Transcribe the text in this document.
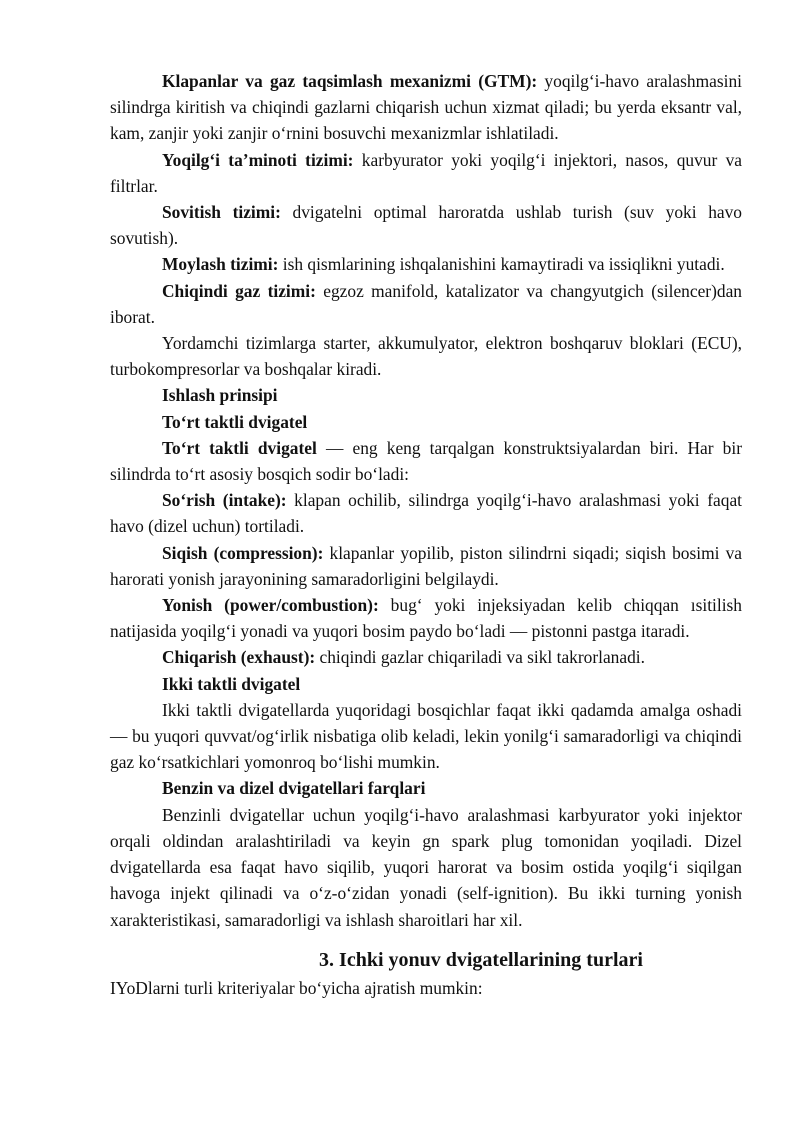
Klapanlar va gaz taqsimlash mexanizmi (GTM): yoqilg‘i-havo aralashmasini silindrga kiritish va chiqindi gazlarni chiqarish uchun xizmat qiladi; bu yerda eksantr val, kam, zanjir yoki zanjir o‘rnini bosuvchi mexanizmlar ishlatiladi.

Yoqilg‘i ta’minoti tizimi: karbyurator yoki yoqilg‘i injektori, nasos, quvur va filtrlar.

Sovitish tizimi: dvigatelni optimal haroratda ushlab turish (suv yoki havo sovutish).

Moylash tizimi: ish qismlarining ishqalanishini kamaytiradi va issiqlikni yutadi.

Chiqindi gaz tizimi: egzoz manifold, katalizator va changyutgich (silencer)dan iborat.

Yordamchi tizimlarga starter, akkumulyator, elektron boshqaruv bloklari (ECU), turbokompresorlar va boshqalar kiradi.

Ishlash prinsipi

To‘rt taktli dvigatel

To‘rt taktli dvigatel — eng keng tarqalgan konstruktsiyalardan biri. Har bir silindrda to‘rt asosiy bosqich sodir bo‘ladi:

So‘rish (intake): klapan ochilib, silindrga yoqilg‘i-havo aralashmasi yoki faqat havo (dizel uchun) tortiladi.

Siqish (compression): klapanlar yopilib, piston silindrni siqadi; siqish bosimi va harorati yonish jarayonining samaradorligini belgilaydi.

Yonish (power/combustion): bug‘ yoki injeksiyadan kelib chiqqan ısitilish natijasida yoqilg‘i yonadi va yuqori bosim paydo bo‘ladi — pistonni pastga itaradi.

Chiqarish (exhaust): chiqindi gazlar chiqariladi va sikl takrorlanadi.

Ikki taktli dvigatel

Ikki taktli dvigatellarda yuqoridagi bosqichlar faqat ikki qadamda amalga oshadi — bu yuqori quvvat/og‘irlik nisbatiga olib keladi, lekin yonilg‘i samaradorligi va chiqindi gaz ko‘rsatkichlari yomonroq bo‘lishi mumkin.

Benzin va dizel dvigatellari farqlari

Benzinli dvigatellar uchun yoqilg‘i-havo aralashmasi karbyurator yoki injektor orqali oldindan aralashtiriladi va keyin gn spark plug tomonidan yoqiladi. Dizel dvigatellarda esa faqat havo siqilib, yuqori harorat va bosim ostida yoqilg‘i siqilgan havoga injekt qilinadi va o‘z-o‘zidan yonadi (self-ignition). Bu ikki turning yonish xarakteristikasi, samaradorligi va ishlash sharoitlari har xil.

3. Ichki yonuv dvigatellarining turlari

IYoDlarni turli kriteriyalar bo‘yicha ajratish mumkin:
